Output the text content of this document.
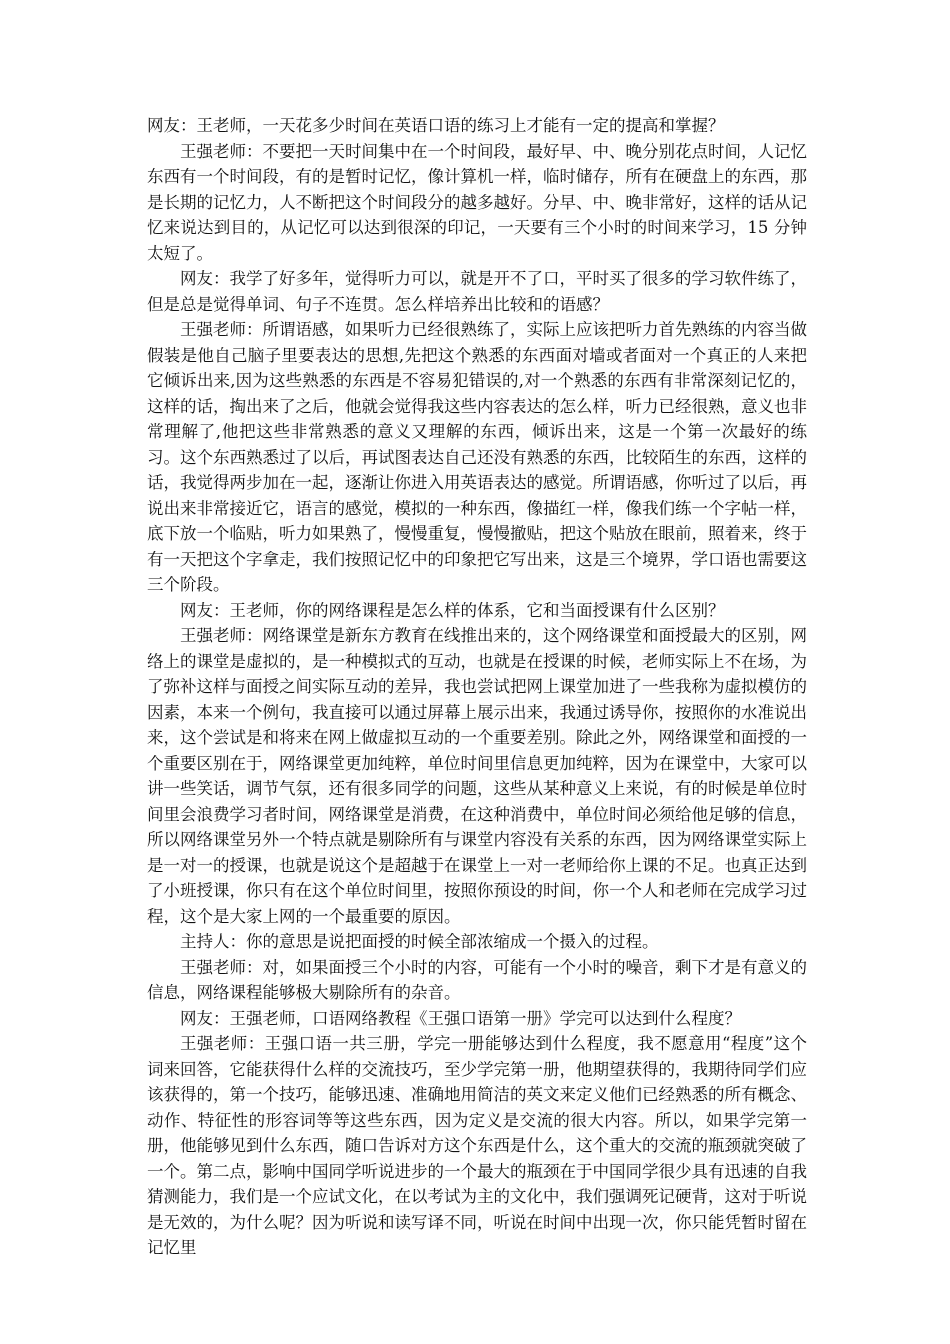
网友：王老师，一天花多少时间在英语口语的练习上才能有一定的提高和掌握？

王强老师：不要把一天时间集中在一个时间段，最好早、中、晚分别花点时间，人记忆东西有一个时间段，有的是暂时记忆，像计算机一样，临时储存，所有在硬盘上的东西，那是长期的记忆力，人不断把这个时间段分的越多越好。分早、中、晚非常好，这样的话从记忆来说达到目的，从记忆可以达到很深的印记，一天要有三个小时的时间来学习，15 分钟太短了。

网友：我学了好多年，觉得听力可以，就是开不了口，平时买了很多的学习软件练了，但是总是觉得单词、句子不连贯。怎么样培养出比较和的语感？

王强老师：所谓语感，如果听力已经很熟练了，实际上应该把听力首先熟练的内容当做假装是他自己脑子里要表达的思想,先把这个熟悉的东西面对墙或者面对一个真正的人来把它倾诉出来,因为这些熟悉的东西是不容易犯错误的,对一个熟悉的东西有非常深刻记忆的，这样的话，掏出来了之后，他就会觉得我这些内容表达的怎么样，听力已经很熟，意义也非常理解了,他把这些非常熟悉的意义又理解的东西，倾诉出来，这是一个第一次最好的练习。这个东西熟悉过了以后，再试图表达自己还没有熟悉的东西，比较陌生的东西，这样的话，我觉得两步加在一起，逐渐让你进入用英语表达的感觉。所谓语感，你听过了以后，再说出来非常接近它，语言的感觉，模拟的一种东西，像描红一样，像我们练一个字帖一样，底下放一个临贴，听力如果熟了，慢慢重复，慢慢撤贴，把这个贴放在眼前，照着来，终于有一天把这个字拿走，我们按照记忆中的印象把它写出来，这是三个境界，学口语也需要这三个阶段。

网友：王老师，你的网络课程是怎么样的体系，它和当面授课有什么区别？

王强老师：网络课堂是新东方教育在线推出来的，这个网络课堂和面授最大的区别，网络上的课堂是虚拟的，是一种模拟式的互动，也就是在授课的时候，老师实际上不在场，为了弥补这样与面授之间实际互动的差异，我也尝试把网上课堂加进了一些我称为虚拟模仿的因素，本来一个例句，我直接可以通过屏幕上展示出来，我通过诱导你，按照你的水准说出来，这个尝试是和将来在网上做虚拟互动的一个重要差别。除此之外，网络课堂和面授的一个重要区别在于，网络课堂更加纯粹，单位时间里信息更加纯粹，因为在课堂中，大家可以讲一些笑话，调节气氛，还有很多同学的问题，这些从某种意义上来说，有的时候是单位时间里会浪费学习者时间，网络课堂是消费，在这种消费中，单位时间必须给他足够的信息，所以网络课堂另外一个特点就是剔除所有与课堂内容没有关系的东西，因为网络课堂实际上是一对一的授课，也就是说这个是超越于在课堂上一对一老师给你上课的不足。也真正达到了小班授课，你只有在这个单位时间里，按照你预设的时间，你一个人和老师在完成学习过程，这个是大家上网的一个最重要的原因。

主持人：你的意思是说把面授的时候全部浓缩成一个摄入的过程。

王强老师：对，如果面授三个小时的内容，可能有一个小时的噪音，剩下才是有意义的信息，网络课程能够极大剔除所有的杂音。

网友：王强老师，口语网络教程《王强口语第一册》学完可以达到什么程度？

王强老师：王强口语一共三册，学完一册能够达到什么程度，我不愿意用“程度”这个词来回答，它能获得什么样的交流技巧，至少学完第一册，他期望获得的，我期待同学们应该获得的，第一个技巧，能够迅速、准确地用简洁的英文来定义他们已经熟悉的所有概念、动作、特征性的形容词等等这些东西，因为定义是交流的很大内容。所以，如果学完第一册，他能够见到什么东西，随口告诉对方这个东西是什么，这个重大的交流的瓶颈就突破了一个。第二点，影响中国同学听说进步的一个最大的瓶颈在于中国同学很少具有迅速的自我猜测能力，我们是一个应试文化，在以考试为主的文化中，我们强调死记硬背，这对于听说是无效的，为什么呢？因为听说和读写译不同，听说在时间中出现一次，你只能凭暂时留在记忆里
